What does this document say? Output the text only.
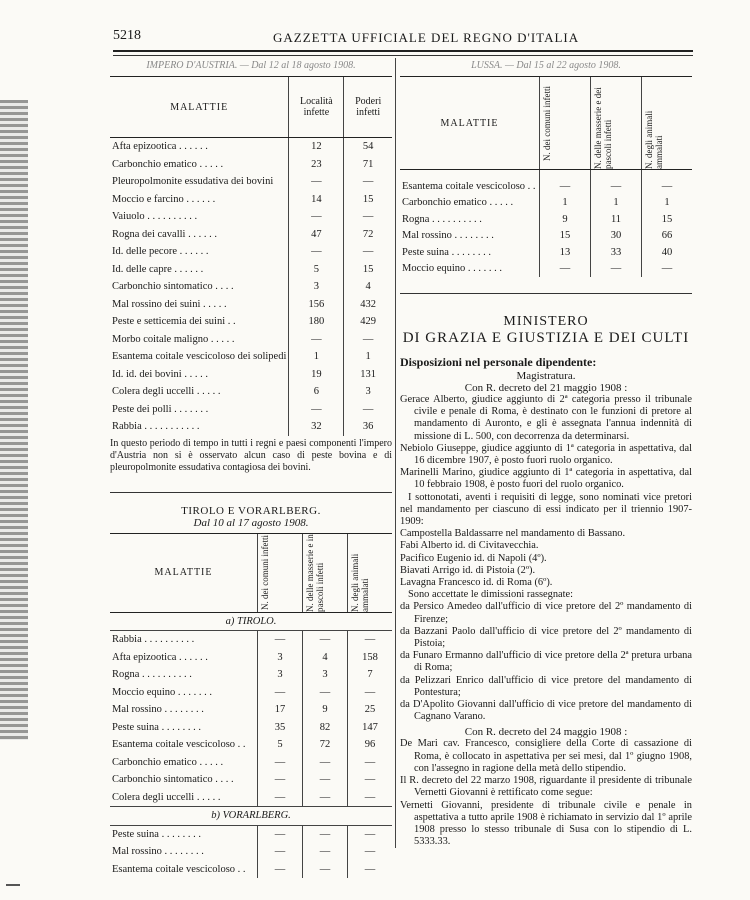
5218	GAZZETTA UFFICIALE DEL REGNO D'ITALIA
IMPERO D'AUSTRIA. — Dal 12 al 18 agosto 1908.
MALATTIE	Località infette	Poderi infetti
Afta epizootica . . . . . .	12	54
Carbonchio ematico . . . . .	23	71
Pleuropolmonite essudativa dei bovini	—	—
Moccio e farcino . . . . . .	14	15
Vaiuolo . . . . . . . . . .	—	—
Rogna dei cavalli . . . . . .	47	72
Id. delle pecore . . . . . .	—	—
Id. delle capre . . . . . .	5	15
Carbonchio sintomatico . . . .	3	4
Mal rossino dei suini . . . . .	156	432
Peste e setticemia dei suini . .	180	429
Morbo coitale maligno . . . . .	—	—
Esantema coitale vescicoloso dei solipedi	1	1
Id. id. dei bovini . . . . .	19	131
Colera degli uccelli . . . . .	6	3
Peste dei polli . . . . . . .	—	—
Rabbia . . . . . . . . . . .	32	36

In questo periodo di tempo in tutti i regni e paesi componenti l'impero d'Austria non si è osservato alcun caso di peste bovina e di pleuropolmonite essudativa contagiosa dei bovini.

TIROLO E VORARLBERG.
Dal 10 al 17 agosto 1908.
MALATTIE	N. dei comuni infetti	N. delle masserie e in pascoli infetti	N. degli animali ammalati

a) TIROLO.			
Rabbia . . . . . . . . . .	—	—	—
Afta epizootica . . . . . .	3	4	158
Rogna . . . . . . . . . .	3	3	7
Moccio equino . . . . . . .	—	—	—
Mal rossino . . . . . . . .	17	9	25
Peste suina . . . . . . . .	35	82	147
Esantema coitale vescicoloso . .	5	72	96
Carbonchio ematico . . . . .	—	—	—
Carbonchio sintomatico . . . .	—	—	—
Colera degli uccelli . . . . .	—	—	—
b) VORARLBERG.			
Peste suina . . . . . . . .	—	—	—
Mal rossino . . . . . . . .	—	—	—
Esantema coitale vescicoloso . .	—	—	—
LUSSA. — Dal 15 al 22 agosto 1908.
MALATTIE	N. dei comuni infetti	N. delle masserie e dei pascoli infetti	N. degli animali ammalati

Esantema coitale vescicoloso . .	—	—	—
Carbonchio ematico . . . . .	1	1	1
Rogna . . . . . . . . . .	9	11	15
Mal rossino . . . . . . . .	15	30	66
Peste suina . . . . . . . .	13	33	40
Moccio equino . . . . . . .	—	—	—
MINISTERO
DI GRAZIA E GIUSTIZIA E DEI CULTI
Disposizioni nel personale dipendente:
Magistratura.
Con R. decreto del 21 maggio 1908 :

Gerace Alberto, giudice aggiunto di 2ª categoria presso il tribunale civile e penale di Roma, è destinato con le funzioni di pretore al mandamento di Auronto, e gli è assegnata l'annua indennità di missione di L. 500, con decorrenza da determinarsi.

Nebiolo Giuseppe, giudice aggiunto di 1ª categoria in aspettativa, dal 16 dicembre 1907, è posto fuori ruolo organico.

Marinelli Marino, giudice aggiunto di 1ª categoria in aspettativa, dal 10 febbraio 1908, è posto fuori del ruolo organico.

I sottonotati, aventi i requisiti di legge, sono nominati vice pretori nel mandamento per ciascuno di essi indicato per il triennio 1907-1909:

Campostella Baldassarre nel mandamento di Bassano.

Fabi Alberto id. di Civitavecchia.

Pacifico Eugenio id. di Napoli (4º).

Biavati Arrigo id. di Pistoia (2º).

Lavagna Francesco id. di Roma (6º).

Sono accettate le dimissioni rassegnate:

da Persico Amedeo dall'ufficio di vice pretore del 2º mandamento di Firenze;

da Bazzani Paolo dall'ufficio di vice pretore del 2º mandamento di Pistoia;

da Funaro Ermanno dall'ufficio di vice pretore della 2ª pretura urbana di Roma;

da Pelizzari Enrico dall'ufficio di vice pretore del mandamento di Pontestura;

da D'Apolito Giovanni dall'ufficio di vice pretore del mandamento di Cagnano Varano.

Con R. decreto del 24 maggio 1908 :

De Mari cav. Francesco, consigliere della Corte di cassazione di Roma, è collocato in aspettativa per sei mesi, dal 1º giugno 1908, con l'assegno in ragione della metà dello stipendio.

Il R. decreto del 22 marzo 1908, riguardante il presidente di tribunale Vernetti Giovanni è rettificato come segue:

Vernetti Giovanni, presidente di tribunale civile e penale in aspettativa a tutto aprile 1908 è richiamato in servizio dal 1º aprile 1908 presso lo stesso tribunale di Susa con lo stipendio di L. 5333.33.
